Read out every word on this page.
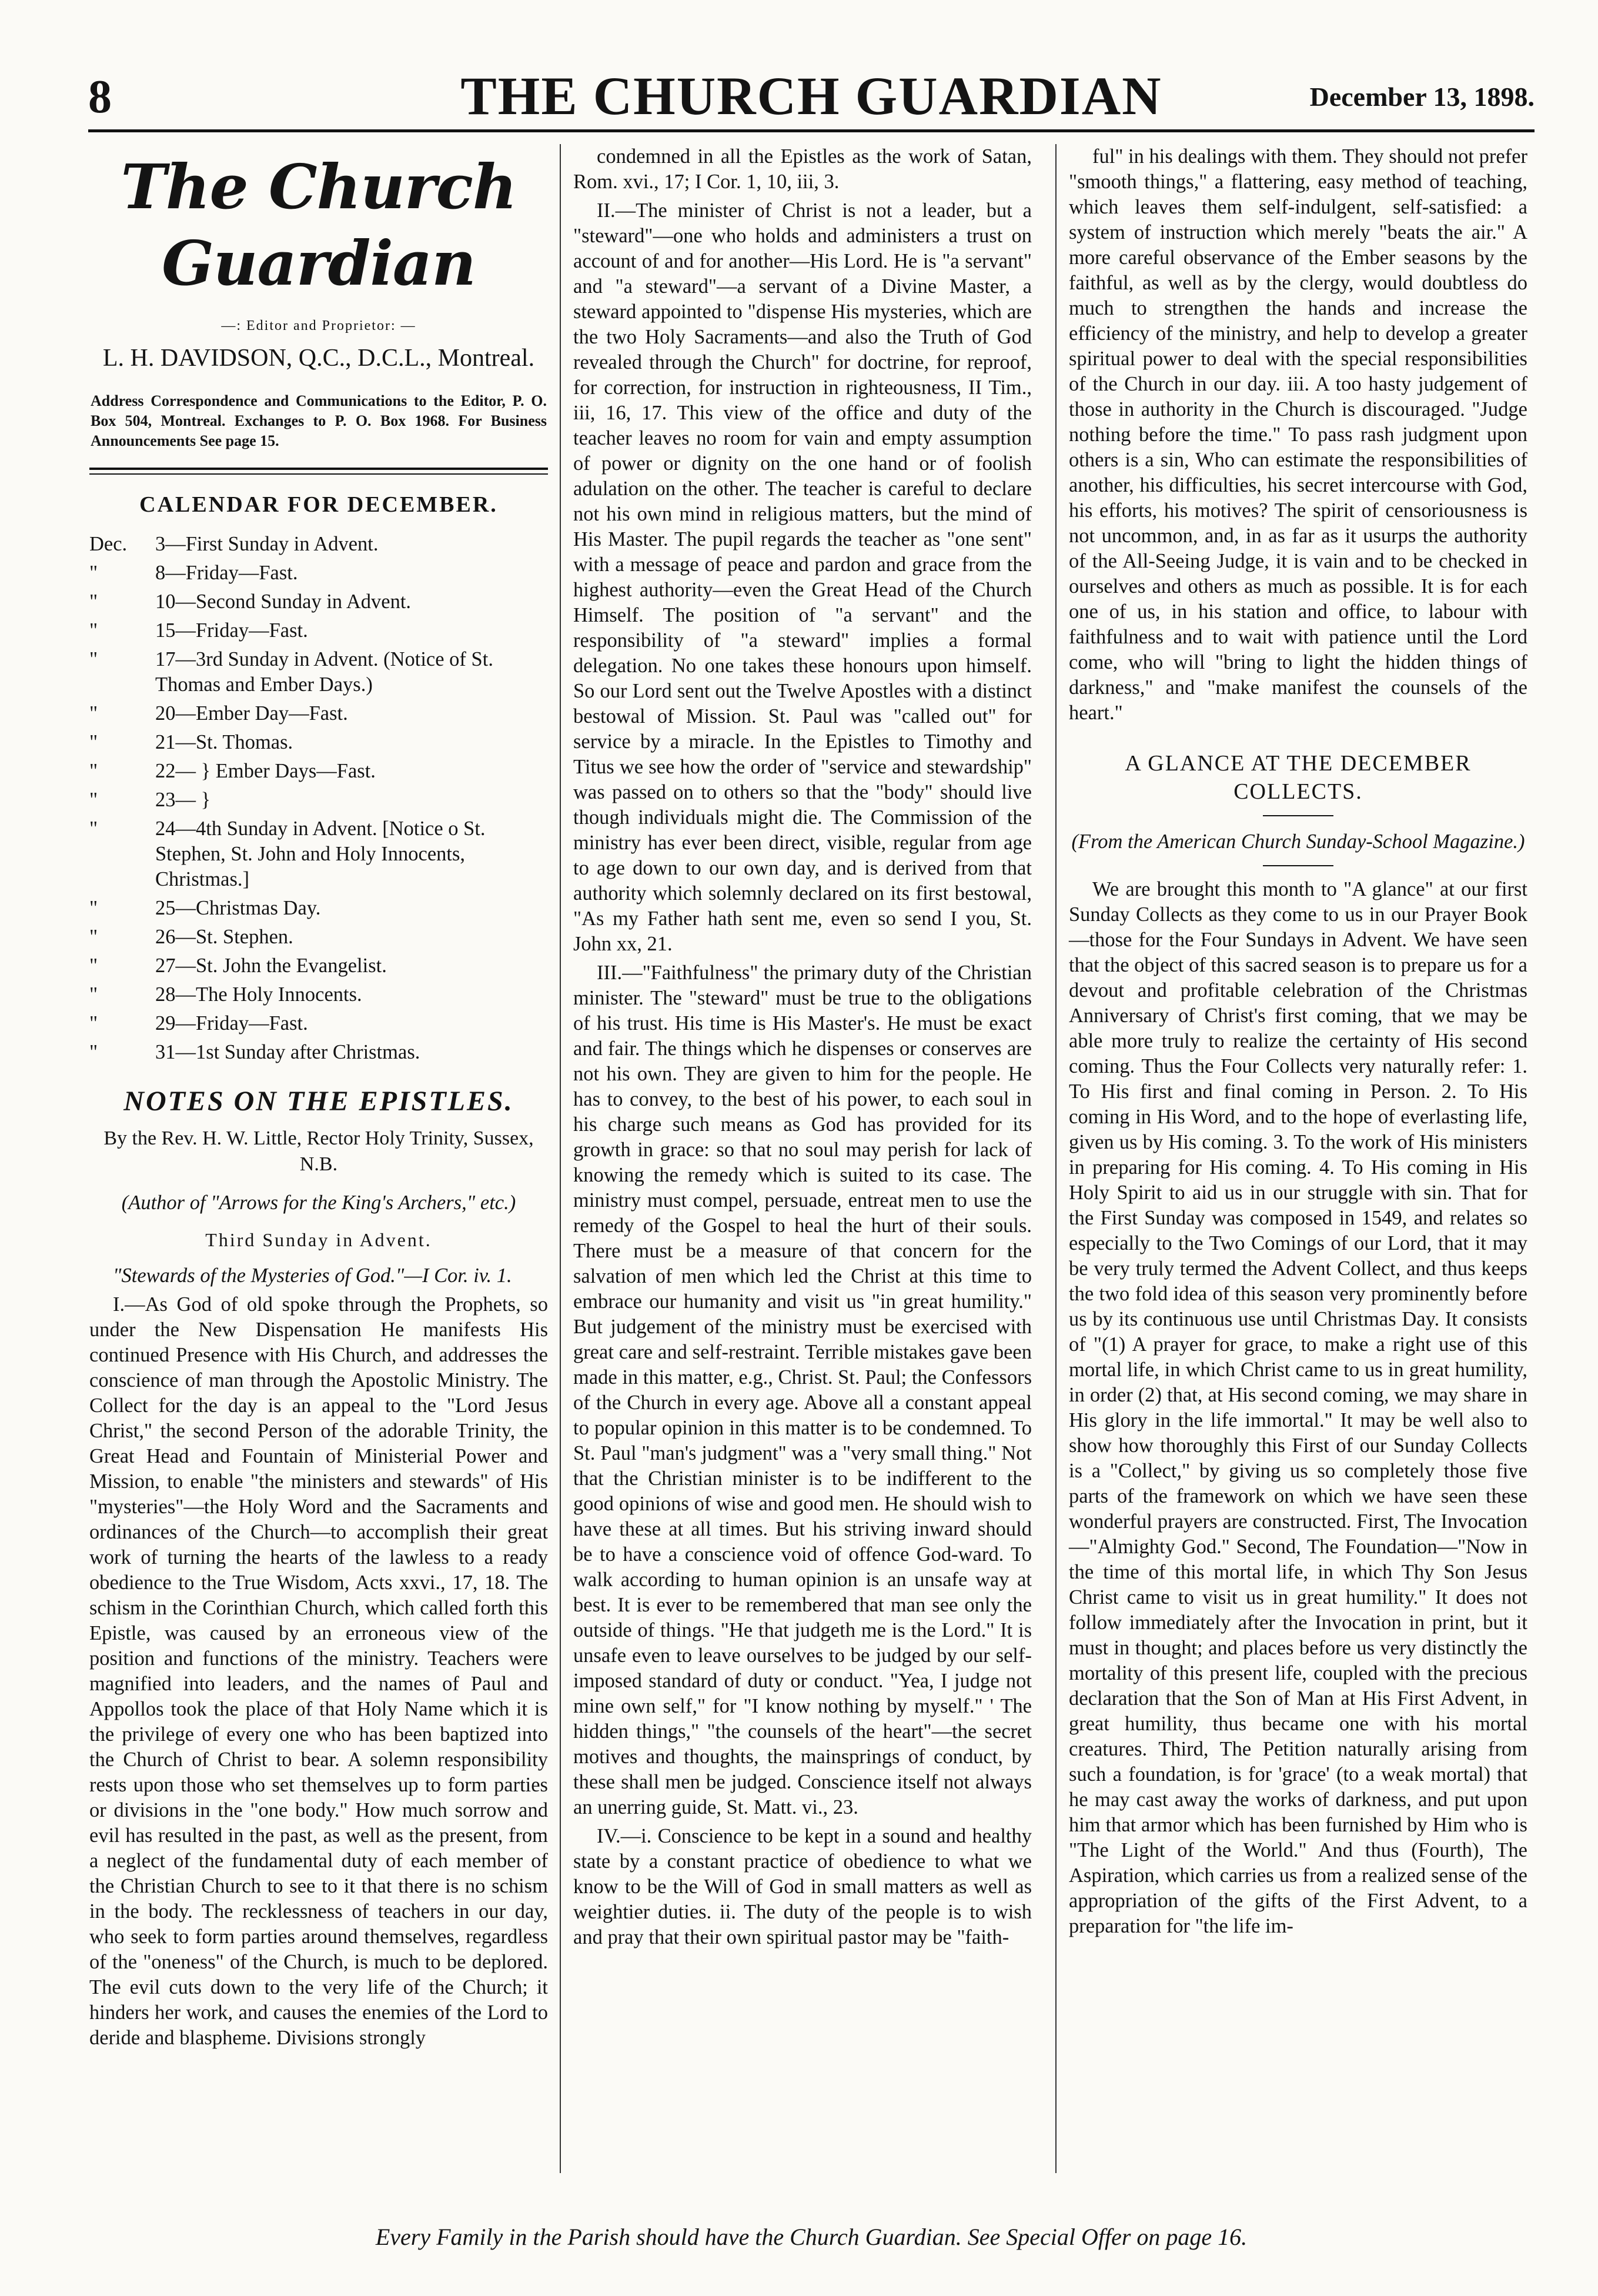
8	THE CHURCH GUARDIAN	December 13, 1898.
The Church Guardian
—: Editor and Proprietor: —
L. H. DAVIDSON, Q.C., D.C.L., Montreal.
Address Correspondence and Communications to the Editor, P. O. Box 504, Montreal. Exchanges to P. O. Box 1968. For Business Announcements See page 15.
CALENDAR FOR DECEMBER.
Dec. 3—First Sunday in Advent.
"	8—Friday—Fast.
"	10—Second Sunday in Advent.
"	15—Friday—Fast.
"	17—3rd Sunday in Advent. (Notice of St. Thomas and Ember Days.)
"	20—Ember Day—Fast.
"	21—St. Thomas.
"	22— } Ember Days—Fast.
"	23— }
"	24—4th Sunday in Advent. [Notice o St. Stephen, St. John and Holy Innocents, Christmas.]
"	25—Christmas Day.
"	26—St. Stephen.
"	27—St. John the Evangelist.
"	28—The Holy Innocents.
"	29—Friday—Fast.
"	31—1st Sunday after Christmas.
NOTES ON THE EPISTLES.
By the Rev. H. W. Little, Rector Holy Trinity, Sussex, N.B.
(Author of "Arrows for the King's Archers," etc.)
Third Sunday in Advent.

"Stewards of the Mysteries of God."—I Cor. iv. 1.

I.—As God of old spoke through the Prophets, so under the New Dispensation He manifests His continued Presence with His Church, and addresses the conscience of man through the Apostolic Ministry. The Collect for the day is an appeal to the "Lord Jesus Christ," the second Person of the adorable Trinity, the Great Head and Fountain of Ministerial Power and Mission, to enable "the ministers and stewards" of His "mysteries"—the Holy Word and the Sacraments and ordinances of the Church—to accomplish their great work of turning the hearts of the lawless to a ready obedience to the True Wisdom, Acts xxvi., 17, 18. The schism in the Corinthian Church, which called forth this Epistle, was caused by an erroneous view of the position and functions of the ministry. Teachers were magnified into leaders, and the names of Paul and Appollos took the place of that Holy Name which it is the privilege of every one who has been baptized into the Church of Christ to bear. A solemn responsibility rests upon those who set themselves up to form parties or divisions in the "one body." How much sorrow and evil has resulted in the past, as well as the present, from a neglect of the fundamental duty of each member of the Christian Church to see to it that there is no schism in the body. The recklessness of teachers in our day, who seek to form parties around themselves, regardless of the "oneness" of the Church, is much to be deplored. The evil cuts down to the very life of the Church; it hinders her work, and causes the enemies of the Lord to deride and blaspheme. Divisions strongly

condemned in all the Epistles as the work of Satan, Rom. xvi., 17; I Cor. 1, 10, iii, 3.

II.—The minister of Christ is not a leader, but a "steward"—one who holds and administers a trust on account of and for another—His Lord. He is "a servant" and "a steward"—a servant of a Divine Master, a steward appointed to "dispense His mysteries, which are the two Holy Sacraments—and also the Truth of God revealed through the Church" for doctrine, for reproof, for correction, for instruction in righteousness, II Tim., iii, 16, 17. This view of the office and duty of the teacher leaves no room for vain and empty assumption of power or dignity on the one hand or of foolish adulation on the other. The teacher is careful to declare not his own mind in religious matters, but the mind of His Master. The pupil regards the teacher as "one sent" with a message of peace and pardon and grace from the highest authority—even the Great Head of the Church Himself. The position of "a servant" and the responsibility of "a steward" implies a formal delegation. No one takes these honours upon himself. So our Lord sent out the Twelve Apostles with a distinct bestowal of Mission. St. Paul was "called out" for service by a miracle. In the Epistles to Timothy and Titus we see how the order of "service and stewardship" was passed on to others so that the "body" should live though individuals might die. The Commission of the ministry has ever been direct, visible, regular from age to age down to our own day, and is derived from that authority which solemnly declared on its first bestowal, "As my Father hath sent me, even so send I you, St. John xx, 21.

III.—"Faithfulness" the primary duty of the Christian minister. The "steward" must be true to the obligations of his trust. His time is His Master's. He must be exact and fair. The things which he dispenses or conserves are not his own. They are given to him for the people. He has to convey, to the best of his power, to each soul in his charge such means as God has provided for its growth in grace: so that no soul may perish for lack of knowing the remedy which is suited to its case. The ministry must compel, persuade, entreat men to use the remedy of the Gospel to heal the hurt of their souls. There must be a measure of that concern for the salvation of men which led the Christ at this time to embrace our humanity and visit us "in great humility." But judgement of the ministry must be exercised with great care and self-restraint. Terrible mistakes gave been made in this matter, e.g., Christ. St. Paul; the Confessors of the Church in every age. Above all a constant appeal to popular opinion in this matter is to be condemned. To St. Paul "man's judgment" was a "very small thing." Not that the Christian minister is to be indifferent to the good opinions of wise and good men. He should wish to have these at all times. But his striving inward should be to have a conscience void of offence God-ward. To walk according to human opinion is an unsafe way at best. It is ever to be remembered that man see only the outside of things. "He that judgeth me is the Lord." It is unsafe even to leave ourselves to be judged by our self-imposed standard of duty or conduct. "Yea, I judge not mine own self," for "I know nothing by myself." ' The hidden things," "the counsels of the heart"—the secret motives and thoughts, the mainsprings of conduct, by these shall men be judged. Conscience itself not always an unerring guide, St. Matt. vi., 23.

IV.—i. Conscience to be kept in a sound and healthy state by a constant practice of obedience to what we know to be the Will of God in small matters as well as weightier duties. ii. The duty of the people is to wish and pray that their own spiritual pastor may be "faith-

ful" in his dealings with them. They should not prefer "smooth things," a flattering, easy method of teaching, which leaves them self-indulgent, self-satisfied: a system of instruction which merely "beats the air." A more careful observance of the Ember seasons by the faithful, as well as by the clergy, would doubtless do much to strengthen the hands and increase the efficiency of the ministry, and help to develop a greater spiritual power to deal with the special responsibilities of the Church in our day. iii. A too hasty judgement of those in authority in the Church is discouraged. "Judge nothing before the time." To pass rash judgment upon others is a sin, Who can estimate the responsibilities of another, his difficulties, his secret intercourse with God, his efforts, his motives? The spirit of censoriousness is not uncommon, and, in as far as it usurps the authority of the All-Seeing Judge, it is vain and to be checked in ourselves and others as much as possible. It is for each one of us, in his station and office, to labour with faithfulness and to wait with patience until the Lord come, who will "bring to light the hidden things of darkness," and "make manifest the counsels of the heart."

A GLANCE AT THE DECEMBER COLLECTS.
(From the American Church Sunday-School Magazine.)

We are brought this month to "A glance" at our first Sunday Collects as they come to us in our Prayer Book—those for the Four Sundays in Advent. We have seen that the object of this sacred season is to prepare us for a devout and profitable celebration of the Christmas Anniversary of Christ's first coming, that we may be able more truly to realize the certainty of His second coming. Thus the Four Collects very naturally refer: 1. To His first and final coming in Person. 2. To His coming in His Word, and to the hope of everlasting life, given us by His coming. 3. To the work of His ministers in preparing for His coming. 4. To His coming in His Holy Spirit to aid us in our struggle with sin. That for the First Sunday was composed in 1549, and relates so especially to the Two Comings of our Lord, that it may be very truly termed the Advent Collect, and thus keeps the two fold idea of this season very prominently before us by its continuous use until Christmas Day. It consists of "(1) A prayer for grace, to make a right use of this mortal life, in which Christ came to us in great humility, in order (2) that, at His second coming, we may share in His glory in the life immortal." It may be well also to show how thoroughly this First of our Sunday Collects is a "Collect," by giving us so completely those five parts of the framework on which we have seen these wonderful prayers are constructed. First, The Invocation—"Almighty God." Second, The Foundation—"Now in the time of this mortal life, in which Thy Son Jesus Christ came to visit us in great humility." It does not follow immediately after the Invocation in print, but it must in thought; and places before us very distinctly the mortality of this present life, coupled with the precious declaration that the Son of Man at His First Advent, in great humility, thus became one with his mortal creatures. Third, The Petition naturally arising from such a foundation, is for 'grace' (to a weak mortal) that he may cast away the works of darkness, and put upon him that armor which has been furnished by Him who is "The Light of the World." And thus (Fourth), The Aspiration, which carries us from a realized sense of the appropriation of the gifts of the First Advent, to a preparation for "the life im-

Every Family in the Parish should have the Church Guardian. See Special Offer on page 16.
